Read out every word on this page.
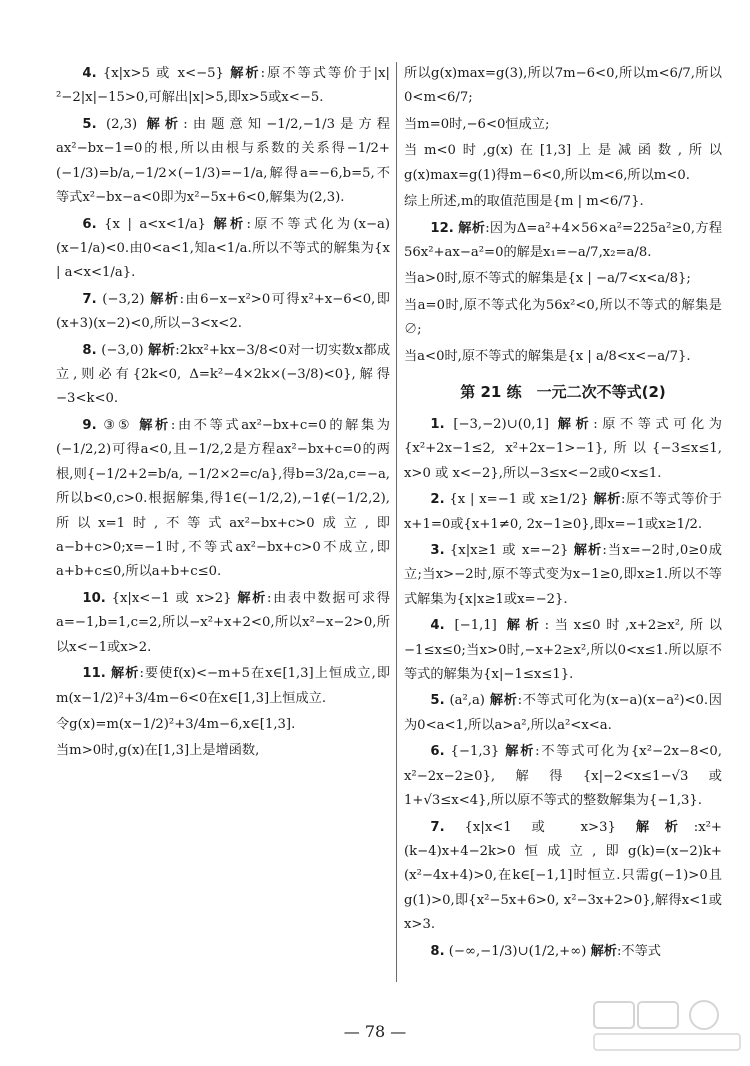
4. {x|x>5 或 x<−5} 解析:原不等式等价于|x|²−2|x|−15>0,可解出|x|>5,即x>5或x<−5.
5. (2,3) 解析:由题意知−1/2,−1/3是方程ax²−bx−1=0的根,所以由根与系数的关系得−1/2+(−1/3)=b/a,−1/2×(−1/3)=−1/a,解得a=−6,b=5,不等式x²−bx−a<0即为x²−5x+6<0,解集为(2,3).
6. {x | a<x<1/a} 解析:原不等式化为(x−a)(x−1/a)<0.由0<a<1,知a<1/a.所以不等式的解集为{x | a<x<1/a}.
7. (−3,2) 解析:由6−x−x²>0可得x²+x−6<0,即(x+3)(x−2)<0,所以−3<x<2.
8. (−3,0) 解析:2kx²+kx−3/8<0对一切实数x都成立,则必有{2k<0, Δ=k²−4×2k×(−3/8)<0},解得−3<k<0.
9. ③⑤ 解析:由不等式ax²−bx+c=0的解集为(−1/2,2)可得a<0,且−1/2,2是方程ax²−bx+c=0的两根,则{−1/2+2=b/a, −1/2×2=c/a},得b=3/2a,c=−a,所以b<0,c>0.根据解集,得1∈(−1/2,2),−1∉(−1/2,2),所以x=1时,不等式ax²−bx+c>0成立,即a−b+c>0;x=−1时,不等式ax²−bx+c>0不成立,即a+b+c≤0,所以a+b+c≤0.
10. {x|x<−1 或 x>2} 解析:由表中数据可求得a=−1,b=1,c=2,所以−x²+x+2<0,所以x²−x−2>0,所以x<−1或x>2.
11. 解析:要使f(x)<−m+5在x∈[1,3]上恒成立,即m(x−1/2)²+3/4m−6<0在x∈[1,3]上恒成立.
令g(x)=m(x−1/2)²+3/4m−6,x∈[1,3].
当m>0时,g(x)在[1,3]上是增函数,
所以g(x)max=g(3),所以7m−6<0,所以m<6/7,所以0<m<6/7;
当m=0时,−6<0恒成立;
当m<0时,g(x)在[1,3]上是减函数,所以g(x)max=g(1)得m−6<0,所以m<6,所以m<0.
综上所述,m的取值范围是{m | m<6/7}.
12. 解析:因为Δ=a²+4×56×a²=225a²≥0,方程56x²+ax−a²=0的解是x₁=−a/7,x₂=a/8.
当a>0时,原不等式的解集是{x | −a/7<x<a/8};
当a=0时,原不等式化为56x²<0,所以不等式的解集是∅;
当a<0时,原不等式的解集是{x | a/8<x<−a/7}.
第 21 练　一元二次不等式(2)
1. [−3,−2)∪(0,1] 解析:原不等式可化为{x²+2x−1≤2, x²+2x−1>−1},所以{−3≤x≤1, x>0 或 x<−2},所以−3≤x<−2或0<x≤1.
2. {x | x=−1 或 x≥1/2} 解析:原不等式等价于x+1=0或{x+1≠0, 2x−1≥0},即x=−1或x≥1/2.
3. {x|x≥1 或 x=−2} 解析:当x=−2时,0≥0成立;当x>−2时,原不等式变为x−1≥0,即x≥1.所以不等式解集为{x|x≥1或x=−2}.
4. [−1,1] 解析:当x≤0时,x+2≥x²,所以−1≤x≤0;当x>0时,−x+2≥x²,所以0<x≤1.所以原不等式的解集为{x|−1≤x≤1}.
5. (a²,a) 解析:不等式可化为(x−a)(x−a²)<0.因为0<a<1,所以a>a²,所以a²<x<a.
6. {−1,3} 解析:不等式可化为{x²−2x−8<0, x²−2x−2≥0},解得{x|−2<x≤1−√3或1+√3≤x<4},所以原不等式的整数解集为{−1,3}.
7. {x|x<1 或 x>3} 解析:x²+(k−4)x+4−2k>0恒成立,即g(k)=(x−2)k+(x²−4x+4)>0,在k∈[−1,1]时恒立.只需g(−1)>0且g(1)>0,即{x²−5x+6>0, x²−3x+2>0},解得x<1或x>3.
8. (−∞,−1/3)∪(1/2,+∞) 解析:不等式
— 78 —
